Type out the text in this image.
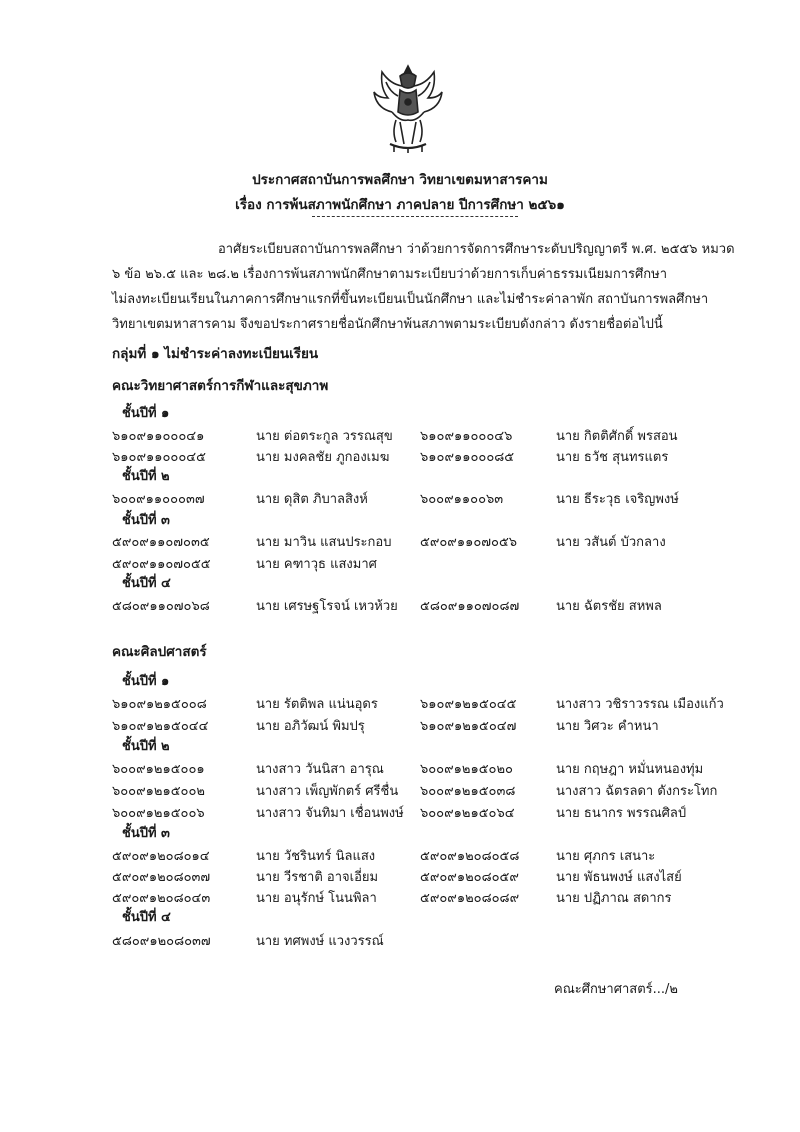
ประกาศสถาบันการพลศึกษา วิทยาเขตมหาสารคาม
เรื่อง การพ้นสภาพนักศึกษา ภาคปลาย ปีการศึกษา ๒๕๖๑
อาศัยระเบียบสถาบันการพลศึกษา ว่าด้วยการจัดการศึกษาระดับปริญญาตรี พ.ศ. ๒๕๕๖ หมวด
๖ ข้อ ๒๖.๕ และ ๒๘.๒ เรื่องการพ้นสภาพนักศึกษาตามระเบียบว่าด้วยการเก็บค่าธรรมเนียมการศึกษา
ไม่ลงทะเบียนเรียนในภาคการศึกษาแรกที่ขึ้นทะเบียนเป็นนักศึกษา และไม่ชำระค่าลาพัก สถาบันการพลศึกษา
วิทยาเขตมหาสารคาม จึงขอประกาศรายชื่อนักศึกษาพ้นสภาพตามระเบียบดังกล่าว ดังรายชื่อต่อไปนี้
กลุ่มที่ ๑ ไม่ชำระค่าลงทะเบียนเรียน
คณะวิทยาศาสตร์การกีฬาและสุขภาพ
ชั้นปีที่ ๑
๖๑๐๙๑๑๐๐๐๔๑	นาย ต่อตระกูล วรรณสุข ๖๑๐๙๑๑๐๐๐๔๖	นาย กิตติศักดิ์ พรสอน
๖๑๐๙๑๑๐๐๐๔๕	นาย มงคลชัย ภูกองเมฆ ๖๑๐๙๑๑๐๐๐๘๕	นาย ธวัช สุนทรแตร
ชั้นปีที่ ๒
๖๐๐๙๑๑๐๐๐๓๗	นาย ดุสิต ภิบาลสิงห์	๖๐๐๙๑๑๐๐๖๓	นาย ธีระวุธ เจริญพงษ์
ชั้นปีที่ ๓
๕๙๐๙๑๑๐๗๐๓๕	นาย มาวิน แสนประกอบ ๕๙๐๙๑๑๐๗๐๕๖	นาย วสันต์ บัวกลาง
๕๙๐๙๑๑๐๗๐๕๕	นาย คฑาวุธ แสงมาศ
ชั้นปีที่ ๔
๕๘๐๙๑๑๐๗๐๖๘	นาย เศรษฐโรจน์ เหวห้วย ๕๘๐๙๑๑๐๗๐๘๗	นาย ฉัตรชัย สหพล
คณะศิลปศาสตร์
ชั้นปีที่ ๑
๖๑๐๙๑๒๑๕๐๐๘	นาย รัตติพล แน่นอุดร	๖๑๐๙๑๒๑๕๐๔๕	นางสาว วชิราวรรณ เมืองแก้ว
๖๑๐๙๑๒๑๕๐๔๔	นาย อภิวัฒน์ พิมปรุ	๖๑๐๙๑๒๑๕๐๔๗	นาย วิศวะ คำหนา
ชั้นปีที่ ๒
๖๐๐๙๑๒๑๕๐๐๑	นางสาว วันนิสา อารุณ	๖๐๐๙๑๒๑๕๐๒๐	นาย กฤษฎา หมั่นหนองทุ่ม
๖๐๐๙๑๒๑๕๐๐๒	นางสาว เพ็ญพักตร์ ศรีชื่น ๖๐๐๙๑๒๑๕๐๓๘	นางสาว ฉัตรลดา ดังกระโทก
๖๐๐๙๑๒๑๕๐๐๖	นางสาว จันทิมา เชื่อนพงษ์ ๖๐๐๙๑๒๑๕๐๖๔	นาย ธนากร พรรณศิลป์
ชั้นปีที่ ๓
๕๙๐๙๑๒๐๘๐๑๔	นาย วัชรินทร์ นิลแสง	๕๙๐๙๑๒๐๘๐๕๘	นาย ศุภกร เสนาะ
๕๙๐๙๑๒๐๘๐๓๗	นาย วีรชาติ อาจเอี่ยม	๕๙๐๙๑๒๐๘๐๕๙	นาย พัธนพงษ์ แสงไสย์
๕๙๐๙๑๒๐๘๐๔๓	นาย อนุรักษ์ โนนพิลา	๕๙๐๙๑๒๐๘๐๘๙	นาย ปฏิภาณ สดากร
ชั้นปีที่ ๔
๕๘๐๙๑๒๐๘๐๓๗	นาย ทศพงษ์ แวงวรรณ์
คณะศึกษาศาสตร์.../๒
